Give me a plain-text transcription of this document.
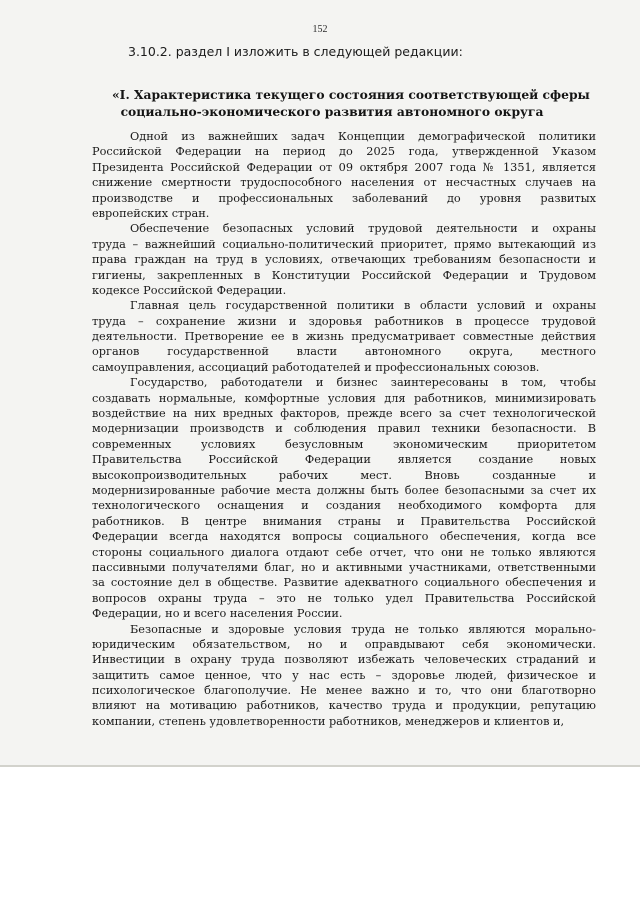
152
3.10.2. раздел I изложить в следующей редакции:
«I. Характеристика текущего состояния соответствующей сферы
социально-экономического развития автономного округа
Одной из важнейших задач Концепции демографической политики
Российской Федерации на период до 2025 года, утвержденной Указом
Президента Российской Федерации от 09 октября 2007 года № 1351, является
снижение смертности трудоспособного населения от несчастных случаев на
производстве и профессиональных заболеваний до уровня развитых
европейских стран.
Обеспечение безопасных условий трудовой деятельности и охраны
труда – важнейший социально-политический приоритет, прямо вытекающий из
права граждан на труд в условиях, отвечающих требованиям безопасности и
гигиены, закрепленных в Конституции Российской Федерации и Трудовом
кодексе Российской Федерации.
Главная цель государственной политики в области условий и охраны
труда – сохранение жизни и здоровья работников в процессе трудовой
деятельности. Претворение ее в жизнь предусматривает совместные действия
органов государственной власти автономного округа, местного
самоуправления, ассоциаций работодателей и профессиональных союзов.
Государство, работодатели и бизнес заинтересованы в том, чтобы
создавать нормальные, комфортные условия для работников, минимизировать
воздействие на них вредных факторов, прежде всего за счет технологической
модернизации производств и соблюдения правил техники безопасности. В
современных условиях безусловным экономическим приоритетом
Правительства Российской Федерации является создание новых
высокопроизводительных рабочих мест. Вновь созданные и
модернизированные рабочие места должны быть более безопасными за счет их
технологического оснащения и создания необходимого комфорта для
работников. В центре внимания страны и Правительства Российской
Федерации всегда находятся вопросы социального обеспечения, когда все
стороны социального диалога отдают себе отчет, что они не только являются
пассивными получателями благ, но и активными участниками, ответственными
за состояние дел в обществе. Развитие адекватного социального обеспечения и
вопросов охраны труда – это не только удел Правительства Российской
Федерации, но и всего населения России.
Безопасные и здоровые условия труда не только являются морально-
юридическим обязательством, но и оправдывают себя экономически.
Инвестиции в охрану труда позволяют избежать человеческих страданий и
защитить самое ценное, что у нас есть – здоровье людей, физическое и
психологическое благополучие. Не менее важно и то, что они благотворно
влияют на мотивацию работников, качество труда и продукции, репутацию
компании, степень удовлетворенности работников, менеджеров и клиентов и,
